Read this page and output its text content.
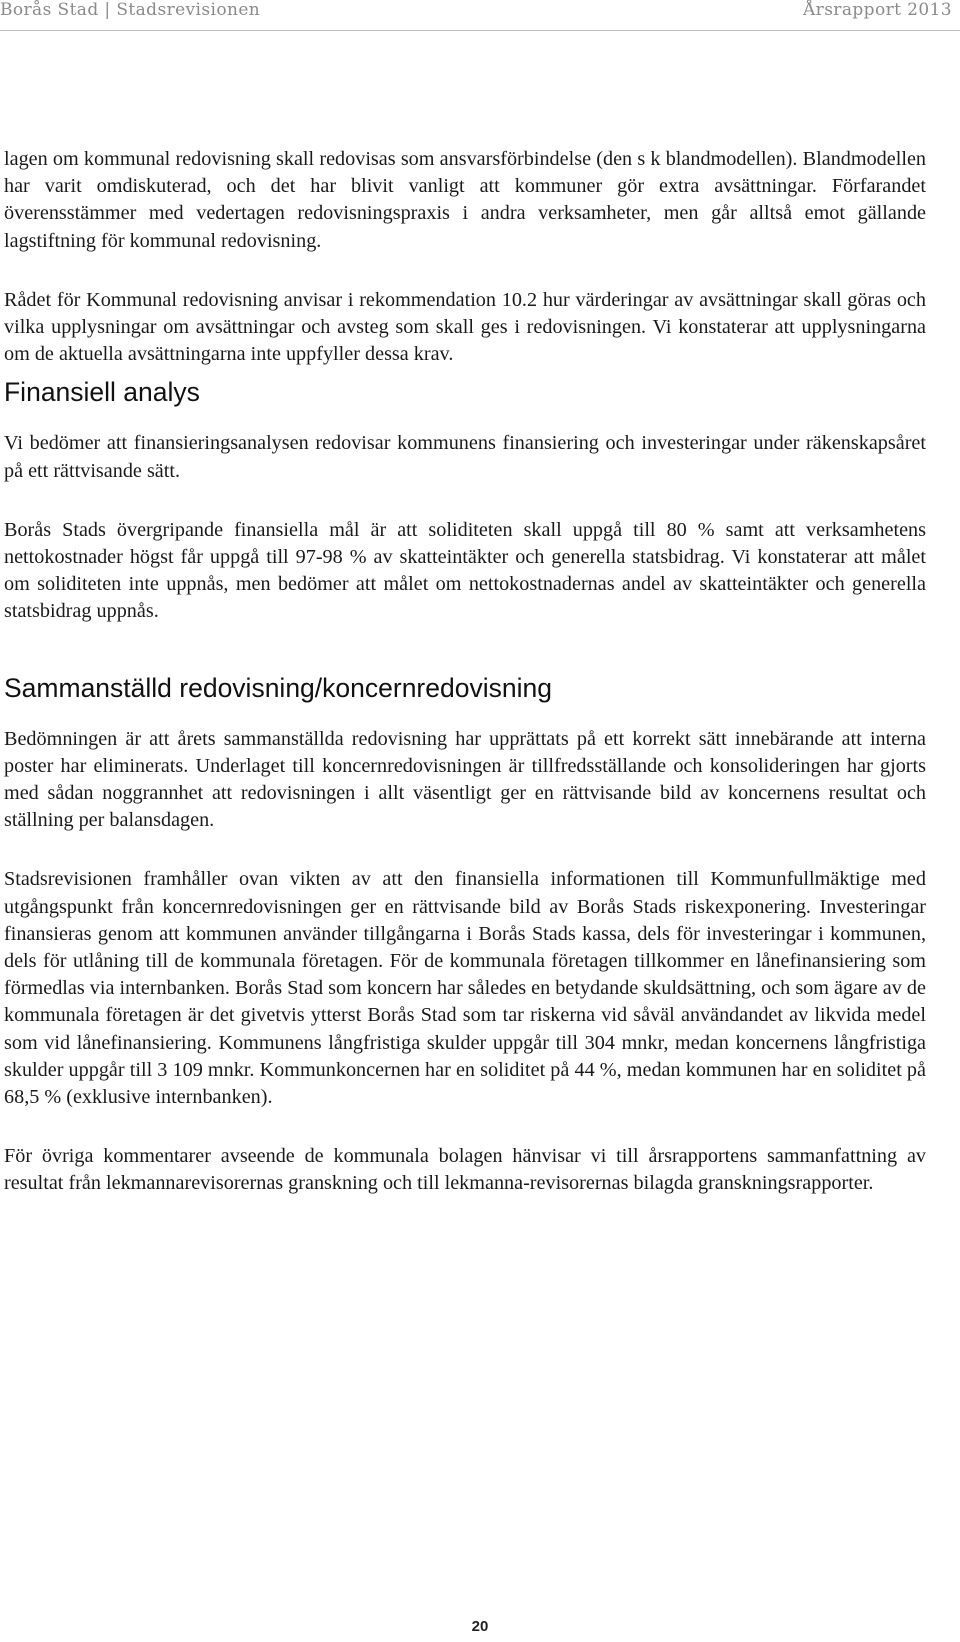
Borås Stad | Stadsrevisionen	Årsrapport 2013

lagen om kommunal redovisning skall redovisas som ansvarsförbindelse (den s k blandmodellen). Blandmodellen har varit omdiskuterad, och det har blivit vanligt att kommuner gör extra avsättningar. Förfarandet överensstämmer med vedertagen redovisningspraxis i andra verksamheter, men går alltså emot gällande lagstiftning för kommunal redovisning.

Rådet för Kommunal redovisning anvisar i rekommendation 10.2 hur värderingar av avsättningar skall göras och vilka upplysningar om avsättningar och avsteg som skall ges i redovisningen. Vi konstaterar att upplysningarna om de aktuella avsättningarna inte uppfyller dessa krav.

Finansiell analys

Vi bedömer att finansieringsanalysen redovisar kommunens finansiering och investeringar under räkenskapsåret på ett rättvisande sätt.

Borås Stads övergripande finansiella mål är att soliditeten skall uppgå till 80 % samt att verksamhetens nettokostnader högst får uppgå till 97-98 % av skatteintäkter och generella statsbidrag. Vi konstaterar att målet om soliditeten inte uppnås, men bedömer att målet om nettokostnadernas andel av skatteintäkter och generella statsbidrag uppnås.

Sammanställd redovisning/koncernredovisning

Bedömningen är att årets sammanställda redovisning har upprättats på ett korrekt sätt innebärande att interna poster har eliminerats. Underlaget till koncernredovisningen är tillfredsställande och konsolideringen har gjorts med sådan noggrannhet att redovisningen i allt väsentligt ger en rättvisande bild av koncernens resultat och ställning per balansdagen.

Stadsrevisionen framhåller ovan vikten av att den finansiella informationen till Kommunfullmäktige med utgångspunkt från koncernredovisningen ger en rättvisande bild av Borås Stads riskexponering. Investeringar finansieras genom att kommunen använder tillgångarna i Borås Stads kassa, dels för investeringar i kommunen, dels för utlåning till de kommunala företagen. För de kommunala företagen tillkommer en lånefinansiering som förmedlas via internbanken. Borås Stad som koncern har således en betydande skuldsättning, och som ägare av de kommunala företagen är det givetvis ytterst Borås Stad som tar riskerna vid såväl användandet av likvida medel som vid lånefinansiering. Kommunens långfristiga skulder uppgår till 304 mnkr, medan koncernens långfristiga skulder uppgår till 3 109 mnkr. Kommunkoncernen har en soliditet på 44 %, medan kommunen har en soliditet på 68,5 % (exklusive internbanken).

För övriga kommentarer avseende de kommunala bolagen hänvisar vi till årsrapportens sammanfattning av resultat från lekmannarevisorernas granskning och till lekmanna-revisorernas bilagda granskningsrapporter.

20
